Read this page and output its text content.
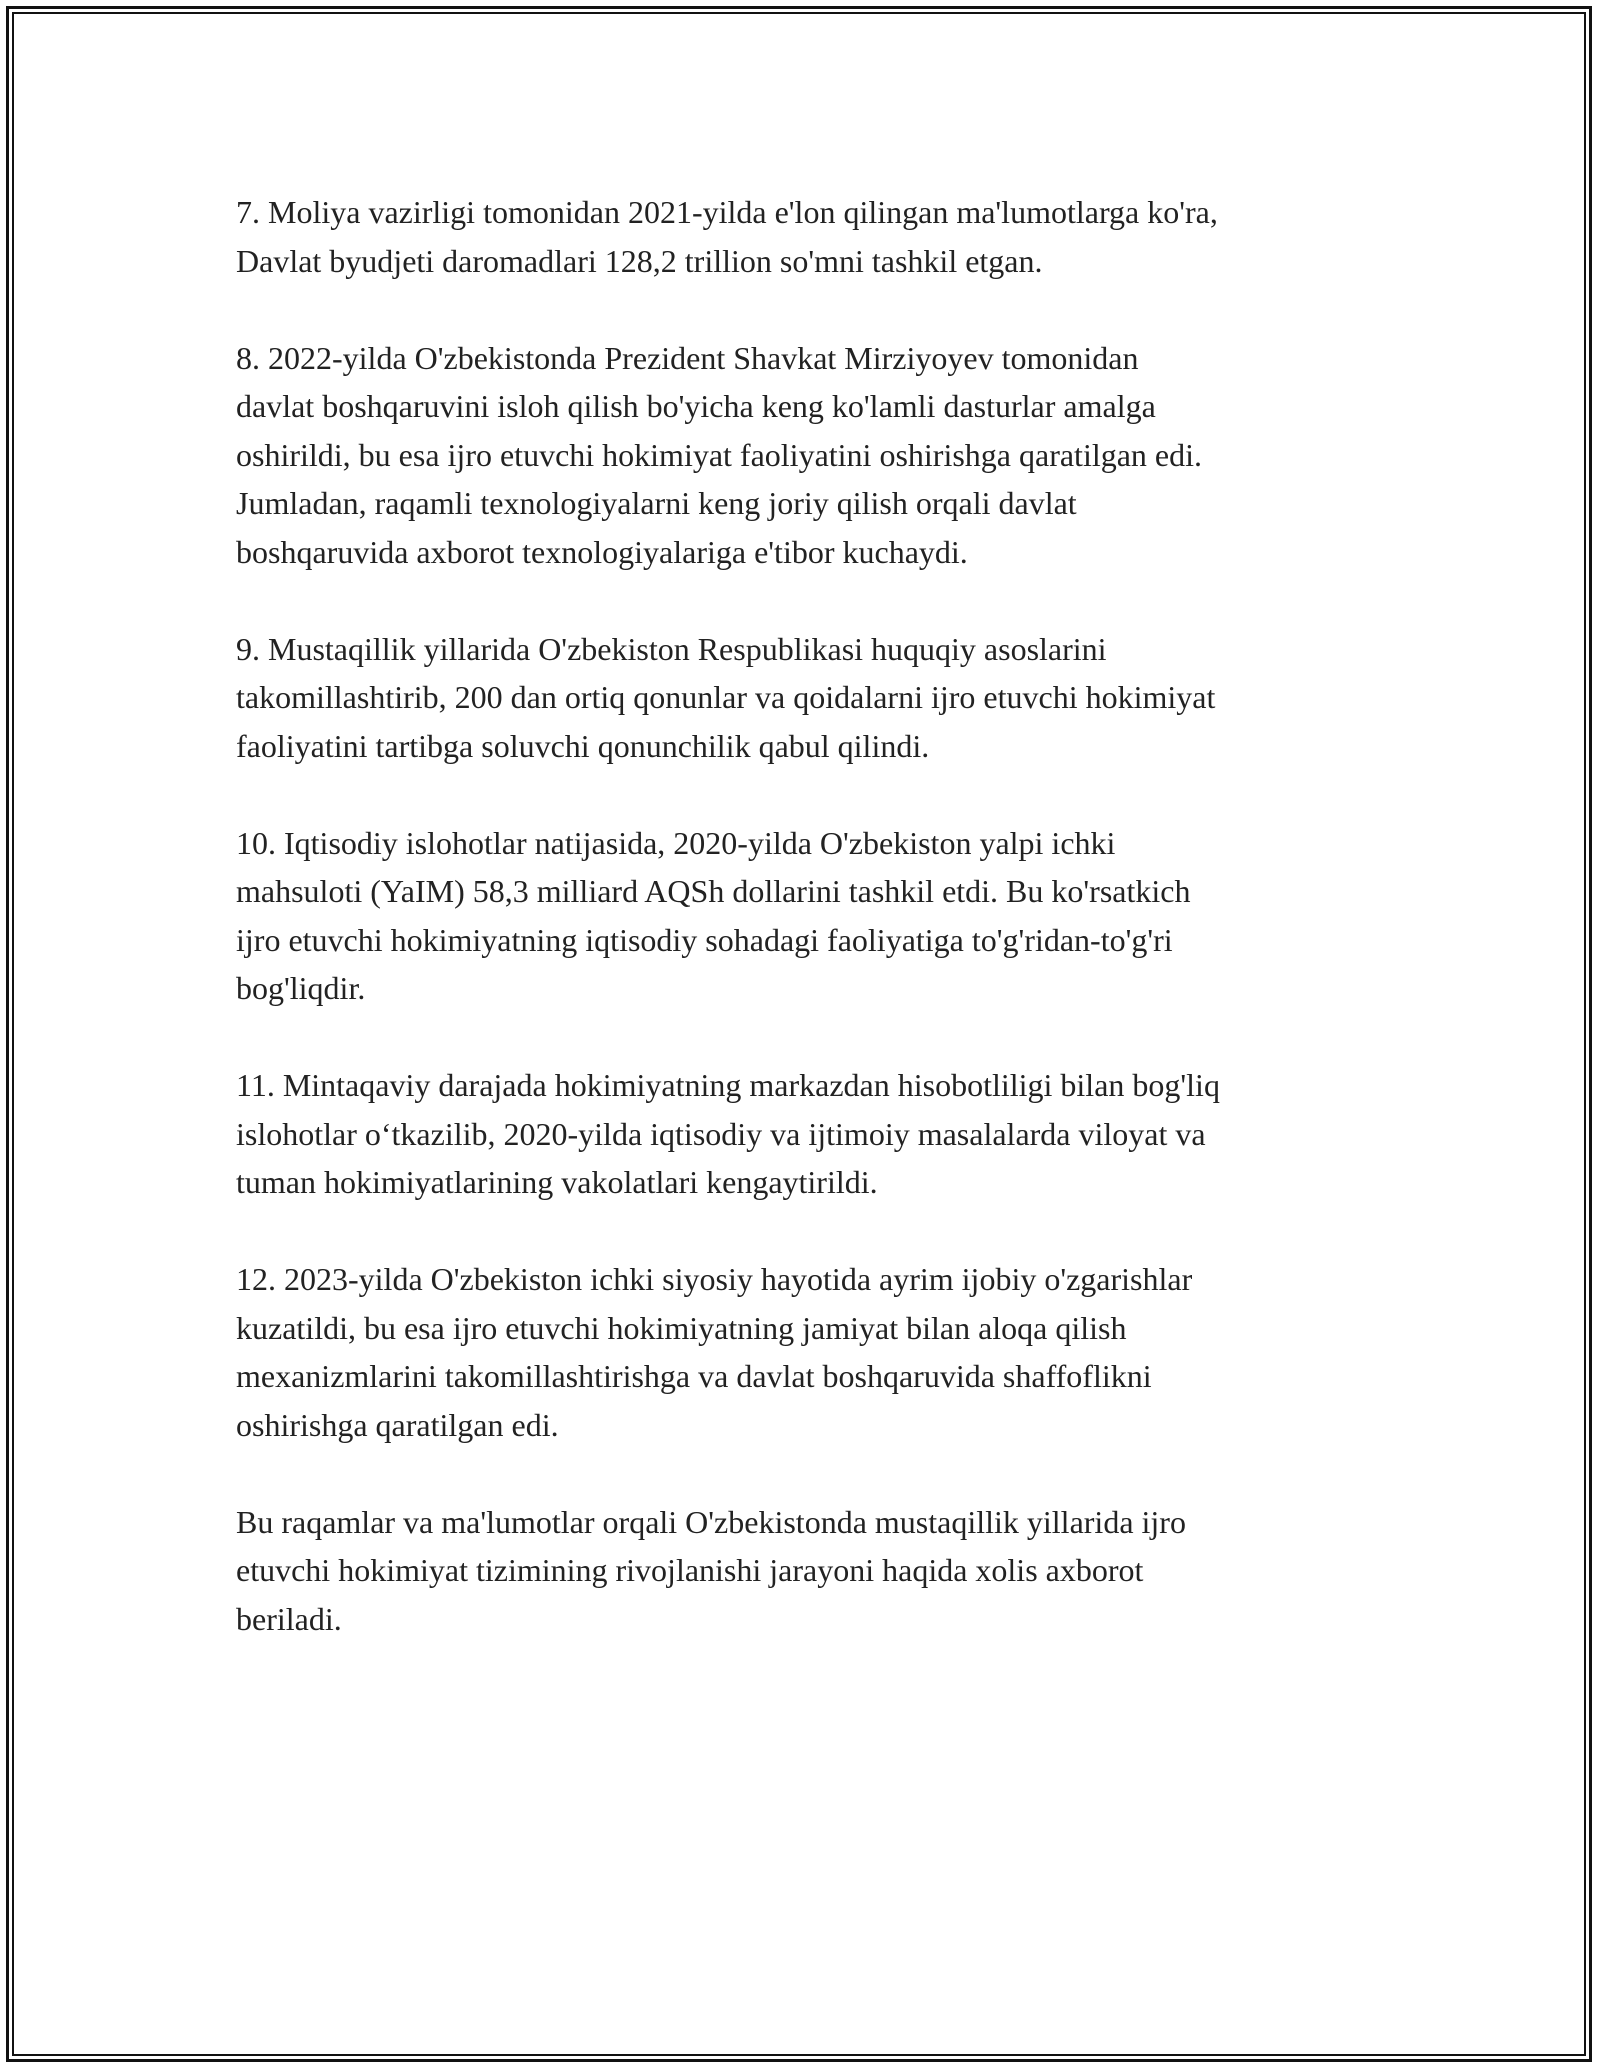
7. Moliya vazirligi tomonidan 2021-yilda e'lon qilingan ma'lumotlarga ko'ra,
Davlat byudjeti daromadlari 128,2 trillion so'mni tashkil etgan.

8. 2022-yilda O'zbekistonda Prezident Shavkat Mirziyoyev tomonidan
davlat boshqaruvini isloh qilish bo'yicha keng ko'lamli dasturlar amalga
oshirildi, bu esa ijro etuvchi hokimiyat faoliyatini oshirishga qaratilgan edi.
Jumladan, raqamli texnologiyalarni keng joriy qilish orqali davlat
boshqaruvida axborot texnologiyalariga e'tibor kuchaydi.

9. Mustaqillik yillarida O'zbekiston Respublikasi huquqiy asoslarini
takomillashtirib, 200 dan ortiq qonunlar va qoidalarni ijro etuvchi hokimiyat
faoliyatini tartibga soluvchi qonunchilik qabul qilindi.

10. Iqtisodiy islohotlar natijasida, 2020-yilda O'zbekiston yalpi ichki
mahsuloti (YaIM) 58,3 milliard AQSh dollarini tashkil etdi. Bu ko'rsatkich
ijro etuvchi hokimiyatning iqtisodiy sohadagi faoliyatiga to'g'ridan-to'g'ri
bog'liqdir.

11. Mintaqaviy darajada hokimiyatning markazdan hisobotliligi bilan bog'liq
islohotlar o‘tkazilib, 2020-yilda iqtisodiy va ijtimoiy masalalarda viloyat va
tuman hokimiyatlarining vakolatlari kengaytirildi.

12. 2023-yilda O'zbekiston ichki siyosiy hayotida ayrim ijobiy o'zgarishlar
kuzatildi, bu esa ijro etuvchi hokimiyatning jamiyat bilan aloqa qilish
mexanizmlarini takomillashtirishga va davlat boshqaruvida shaffoflikni
oshirishga qaratilgan edi.

Bu raqamlar va ma'lumotlar orqali O'zbekistonda mustaqillik yillarida ijro
etuvchi hokimiyat tizimining rivojlanishi jarayoni haqida xolis axborot
beriladi.
